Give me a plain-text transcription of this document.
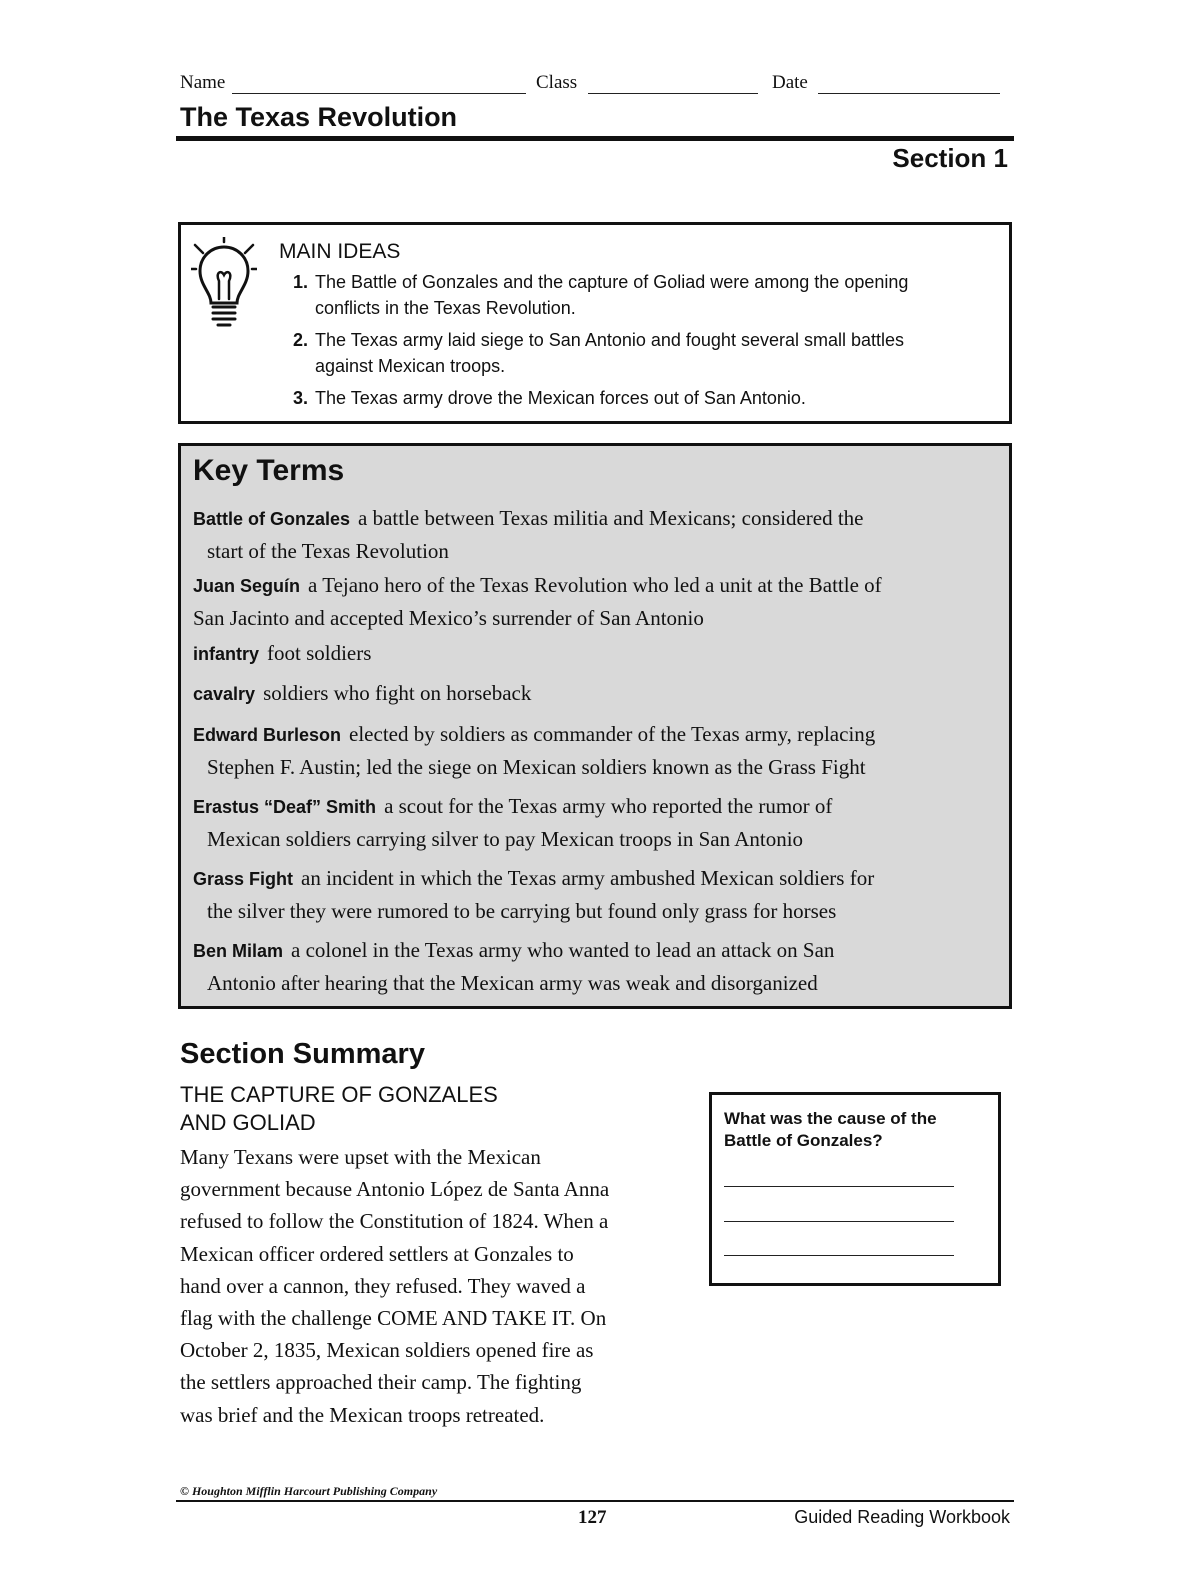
Name	Class	Date
The Texas Revolution
Section 1
MAIN IDEAS
1. The Battle of Gonzales and the capture of Goliad were among the opening
conflicts in the Texas Revolution.
2. The Texas army laid siege to San Antonio and fought several small battles
against Mexican troops.
3. The Texas army drove the Mexican forces out of San Antonio.
Key Terms
Battle of Gonzales a battle between Texas militia and Mexicans; considered the
start of the Texas Revolution
Juan Seguín a Tejano hero of the Texas Revolution who led a unit at the Battle of
San Jacinto and accepted Mexico’s surrender of San Antonio
infantry foot soldiers
cavalry soldiers who fight on horseback
Edward Burleson elected by soldiers as commander of the Texas army, replacing
Stephen F. Austin; led the siege on Mexican soldiers known as the Grass Fight
Erastus “Deaf” Smith a scout for the Texas army who reported the rumor of
Mexican soldiers carrying silver to pay Mexican troops in San Antonio
Grass Fight an incident in which the Texas army ambushed Mexican soldiers for
the silver they were rumored to be carrying but found only grass for horses
Ben Milam a colonel in the Texas army who wanted to lead an attack on San
Antonio after hearing that the Mexican army was weak and disorganized
Section Summary
THE CAPTURE OF GONZALES
AND GOLIAD
Many Texans were upset with the Mexican
government because Antonio López de Santa Anna
refused to follow the Constitution of 1824. When a
Mexican officer ordered settlers at Gonzales to
hand over a cannon, they refused. They waved a
flag with the challenge COME AND TAKE IT. On
October 2, 1835, Mexican soldiers opened fire as
the settlers approached their camp. The fighting
was brief and the Mexican troops retreated.
What was the cause of the Battle of Gonzales?
© Houghton Mifflin Harcourt Publishing Company
127	Guided Reading Workbook
